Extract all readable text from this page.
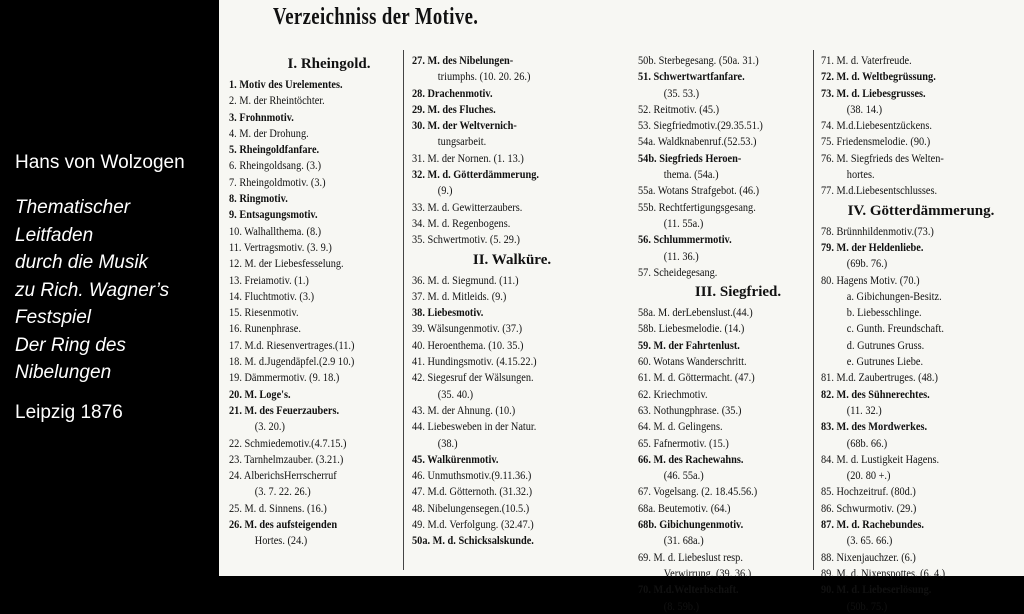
Hans von Wolzogen
Thematischer
Leitfaden
durch die Musik
zu Rich. Wagner’s
Festspiel
Der Ring des
Nibelungen
Leipzig 1876
Verzeichniss der Motive.
I. Rheingold.
1. Motiv des Urelementes.
2. M. der Rheintöchter.
3. Frohnmotiv.
4. M. der Drohung.
5. Rheingoldfanfare.
6. Rheingoldsang. (3.)
7. Rheingoldmotiv. (3.)
8. Ringmotiv.
9. Entsagungsmotiv.
10. Walhallthema. (8.)
11. Vertragsmotiv. (3. 9.)
12. M. der Liebesfesselung.
13. Freiamotiv. (1.)
14. Fluchtmotiv. (3.)
15. Riesenmotiv.
16. Runenphrase.
17. M.d. Riesenvertrages.(11.)
18. M. d.Jugendäpfel.(2.9 10.)
19. Dämmermotiv. (9. 18.)
20. M. Loge's.
21. M. des Feuerzaubers.
(3. 20.)
22. Schmiedemotiv.(4.7.15.)
23. Tarnhelmzauber. (3.21.)
24. AlberichsHerrscherruf
(3. 7. 22. 26.)
25. M. d. Sinnens. (16.)
26. M. des aufsteigenden
Hortes. (24.)
27. M. des Nibelungen-
triumphs. (10. 20. 26.)
28. Drachenmotiv.
29. M. des Fluches.
30. M. der Weltvernich-
tungsarbeit.
31. M. der Nornen. (1. 13.)
32. M. d. Götterdämmerung.
(9.)
33. M. d. Gewitterzaubers.
34. M. d. Regenbogens.
35. Schwertmotiv. (5. 29.)
II. Walküre.
36. M. d. Siegmund. (11.)
37. M. d. Mitleids. (9.)
38. Liebesmotiv.
39. Wälsungenmotiv. (37.)
40. Heroenthema. (10. 35.)
41. Hundingsmotiv. (4.15.22.)
42. Siegesruf der Wälsungen.
(35. 40.)
43. M. der Ahnung. (10.)
44. Liebesweben in der Natur.
(38.)
45. Walkürenmotiv.
46. Unmuthsmotiv.(9.11.36.)
47. M.d. Götternoth. (31.32.)
48. Nibelungensegen.(10.5.)
49. M.d. Verfolgung. (32.47.)
50a. M. d. Schicksalskunde.
50b. Sterbegesang. (50a. 31.)
51. Schwertwartfanfare.
(35. 53.)
52. Reitmotiv. (45.)
53. Siegfriedmotiv.(29.35.51.)
54a. Waldknabenruf.(52.53.)
54b. Siegfrieds Heroen-
thema. (54a.)
55a. Wotans Strafgebot. (46.)
55b. Rechtfertigungsgesang.
(11. 55a.)
56. Schlummermotiv.
(11. 36.)
57. Scheidegesang.
III. Siegfried.
58a. M. derLebenslust.(44.)
58b. Liebesmelodie. (14.)
59. M. der Fahrtenlust.
60. Wotans Wanderschritt.
61. M. d. Göttermacht. (47.)
62. Kriechmotiv.
63. Nothungphrase. (35.)
64. M. d. Gelingens.
65. Fafnermotiv. (15.)
66. M. des Rachewahns.
(46. 55a.)
67. Vogelsang. (2. 18.45.56.)
68a. Beutemotiv. (64.)
68b. Gibichungenmotiv.
(31. 68a.)
69. M. d. Liebeslust resp.
Verwirrung. (39. 36.)
70. M.d.Welterbschaft.
(8. 59b.)
71. M. d. Vaterfreude.
72. M. d. Weltbegrüssung.
73. M. d. Liebesgrusses.
(38. 14.)
74. M.d.Liebesentzückens.
75. Friedensmelodie. (90.)
76. M. Siegfrieds des Welten-
hortes.
77. M.d.Liebesentschlusses.
IV. Götterdämmerung.
78. Brünnhildenmotiv.(73.)
79. M. der Heldenliebe.
(69b. 76.)
80. Hagens Motiv. (70.)
a. Gibichungen-Besitz.
b. Liebesschlinge.
c. Gunth. Freundschaft.
d. Gutrunes Gruss.
e. Gutrunes Liebe.
81. M.d. Zaubertruges. (48.)
82. M. des Sühnerechtes.
(11. 32.)
83. M. des Mordwerkes.
(68b. 66.)
84. M. d. Lustigkeit Hagens.
(20. 80 +.)
85. Hochzeitruf. (80d.)
86. Schwurmotiv. (29.)
87. M. d. Rachebundes.
(3. 65. 66.)
88. Nixenjauchzer. (6.)
89. M. d. Nixenspottes. (6. 4.)
90. M. d. Liebeserlösung.
(50b. 75.)
